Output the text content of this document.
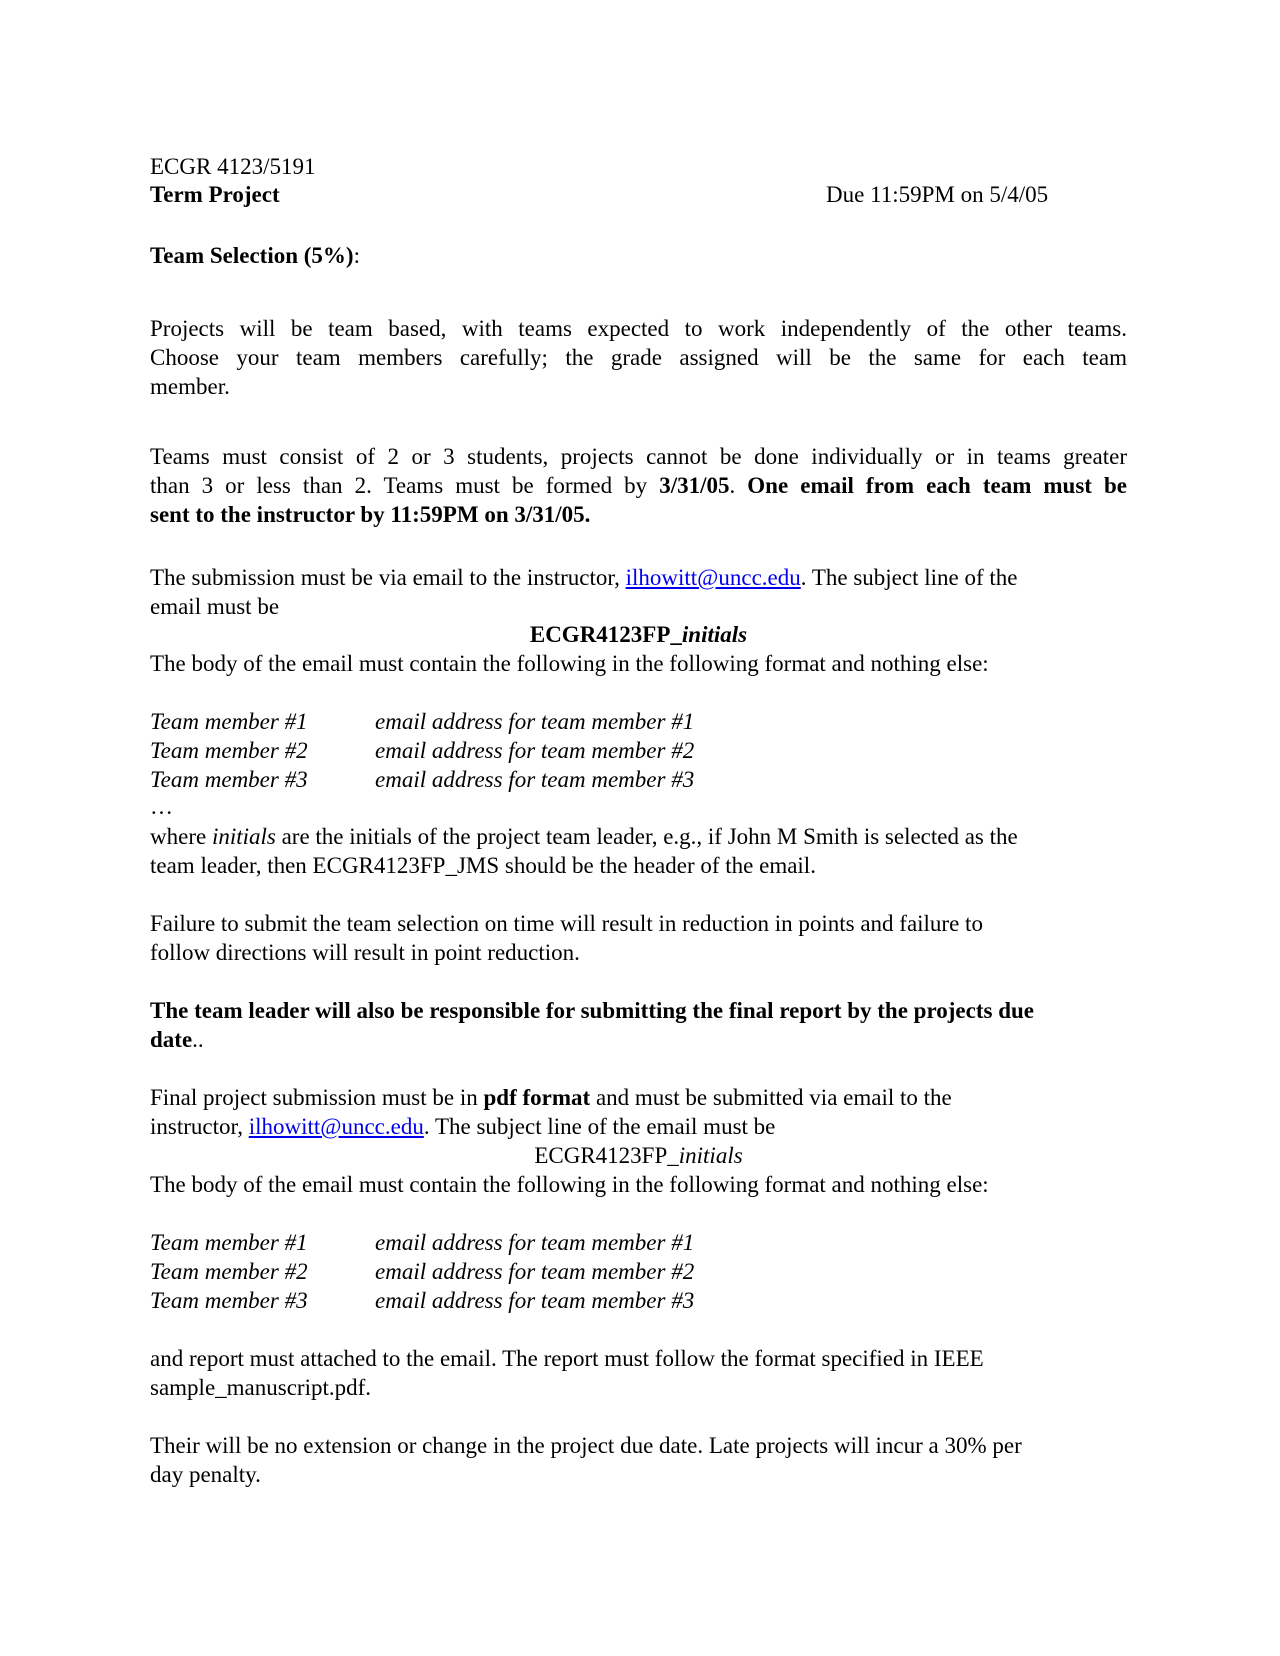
ECGR 4123/5191
Term Project	Due 11:59PM on 5/4/05
Team Selection (5%):
Projects will be team based, with teams expected to work independently of the other teams.
Choose your team members carefully; the grade assigned will be the same for each team
member.
Teams must consist of 2 or 3 students, projects cannot be done individually or in teams greater
than 3 or less than 2. Teams must be formed by 3/31/05. One email from each team must be
sent to the instructor by 11:59PM on 3/31/05.
The submission must be via email to the instructor, ilhowitt@uncc.edu. The subject line of the
email must be
ECGR4123FP_initials
The body of the email must contain the following in the following format and nothing else:
Team member #1	email address for team member #1
Team member #2	email address for team member #2
Team member #3	email address for team member #3
…
where initials are the initials of the project team leader, e.g., if John M Smith is selected as the
team leader, then ECGR4123FP_JMS should be the header of the email.
Failure to submit the team selection on time will result in reduction in points and failure to
follow directions will result in point reduction.
The team leader will also be responsible for submitting the final report by the projects due
date..
Final project submission must be in pdf format and must be submitted via email to the
instructor, ilhowitt@uncc.edu. The subject line of the email must be
ECGR4123FP_initials
The body of the email must contain the following in the following format and nothing else:
Team member #1	email address for team member #1
Team member #2	email address for team member #2
Team member #3	email address for team member #3
and report must attached to the email. The report must follow the format specified in IEEE
sample_manuscript.pdf.
Their will be no extension or change in the project due date. Late projects will incur a 30% per
day penalty.
